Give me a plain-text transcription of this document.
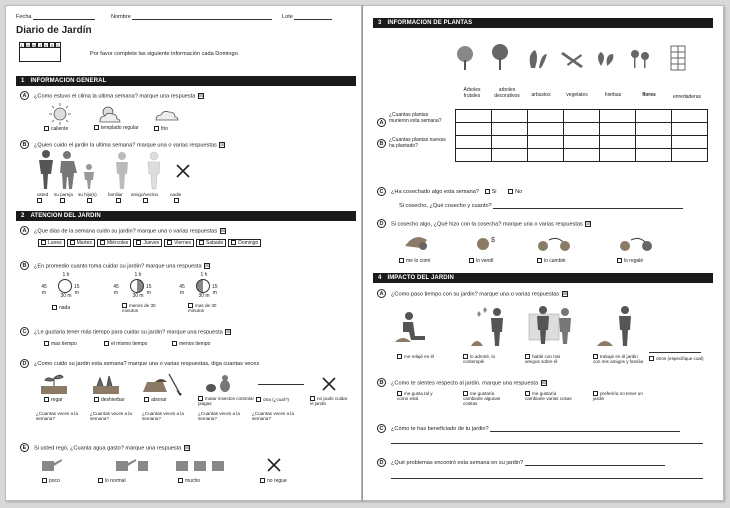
Fecha	Nombre	Lote
Diario de Jardín
L M M J V S D
Por favor complete las siguiente información cada Domingo.
1 INFORMACION GENERAL
A	¿Como estuvo el clima la ultima semana? marque una respuesta ☒
caliente	templado regular	frio
B	¿Quien cuido el jardin la ultima semana? marque una o varias respuestas ☒
usted su pareja su hijo(s) familiar amigo/vecino	nadie
2 ATENCION DEL JARDIN
A	¿Que dias de la semana cuido su jardin? marque una o varias respuestas ☒
Lunes	Martes	Miércoles	Jueves	Viernes	Sabado	Domingo
B	¿En promedio cuanto toma cuidar su jardin? marque una respuesta ☒
1 h
45 m
15 m
30 m
1 h
45 m
15 m
30 m
1 h
45 m
15 m
30 m
nada	menos de 30 minutos
mas de 30 minutos
C	¿Le gustaria tener más tiempo para cuidar su jardin? marque una respuesta ☒
mas tiempo	el mismo tiempo	menos tiempo
D	¿Como cuido su jardin esta semana? marque una o varias respuestas, diga cuantas veces
regar	deshierbar	abonar	matar insectos controlar plagas
otra (¿cual?)	no pudo cuidar el jardin
¿Cuantas veces a la semana?
¿Cuantas veces a la semana?
¿Cuantas veces a la semana?
¿Cuantas veces a la semana?
¿Cuantas veces a la semana?
E	Si usted regó, ¿Cuanta agua gasto? marque una respuesta ☒
poco	lo normal	mucho	no regue
3 INFORMACION DE PLANTAS
Arboles frutales
arboles decorativos	arbustos	vegetales	hierbas	flores	enredaderas

A
¿Cuantas plantas murieron esta semana?
B
¿Cuantas plantas nuevas ha plantado?
C	¿Ha cosechado algo esta semana? Si	No
Si cosecho, ¿Qué cosecho y cuanto?
D	Si cosecho algo, ¿Qué hizo con la cosecha? marque una o varias respuestas ☒
$
me lo comí	lo vendí	lo cambié	lo regalé
4 IMPACTO DEL JARDIN
A	¿Como paso tiempo con su jardin? marque una o varias respuestas ☒
me relajé en él	lo admiré, lo contemplé
hablé con mis amigos sobre él
trabajé en él jardin con mis amigos y familia
otros (especifique cual)
B	¿Como te sientes respecto al jardin. marque una respuesta ☒
me gusta tal y como está
me gustaría cambiarle algunas cositas
me gustaría cambiarle varias cosas
preferiría no tener un jardin
C	¿Cómo te has beneficiado de tu jardin?
D	¿Qué problemas encontró esta semana en su jardin?
